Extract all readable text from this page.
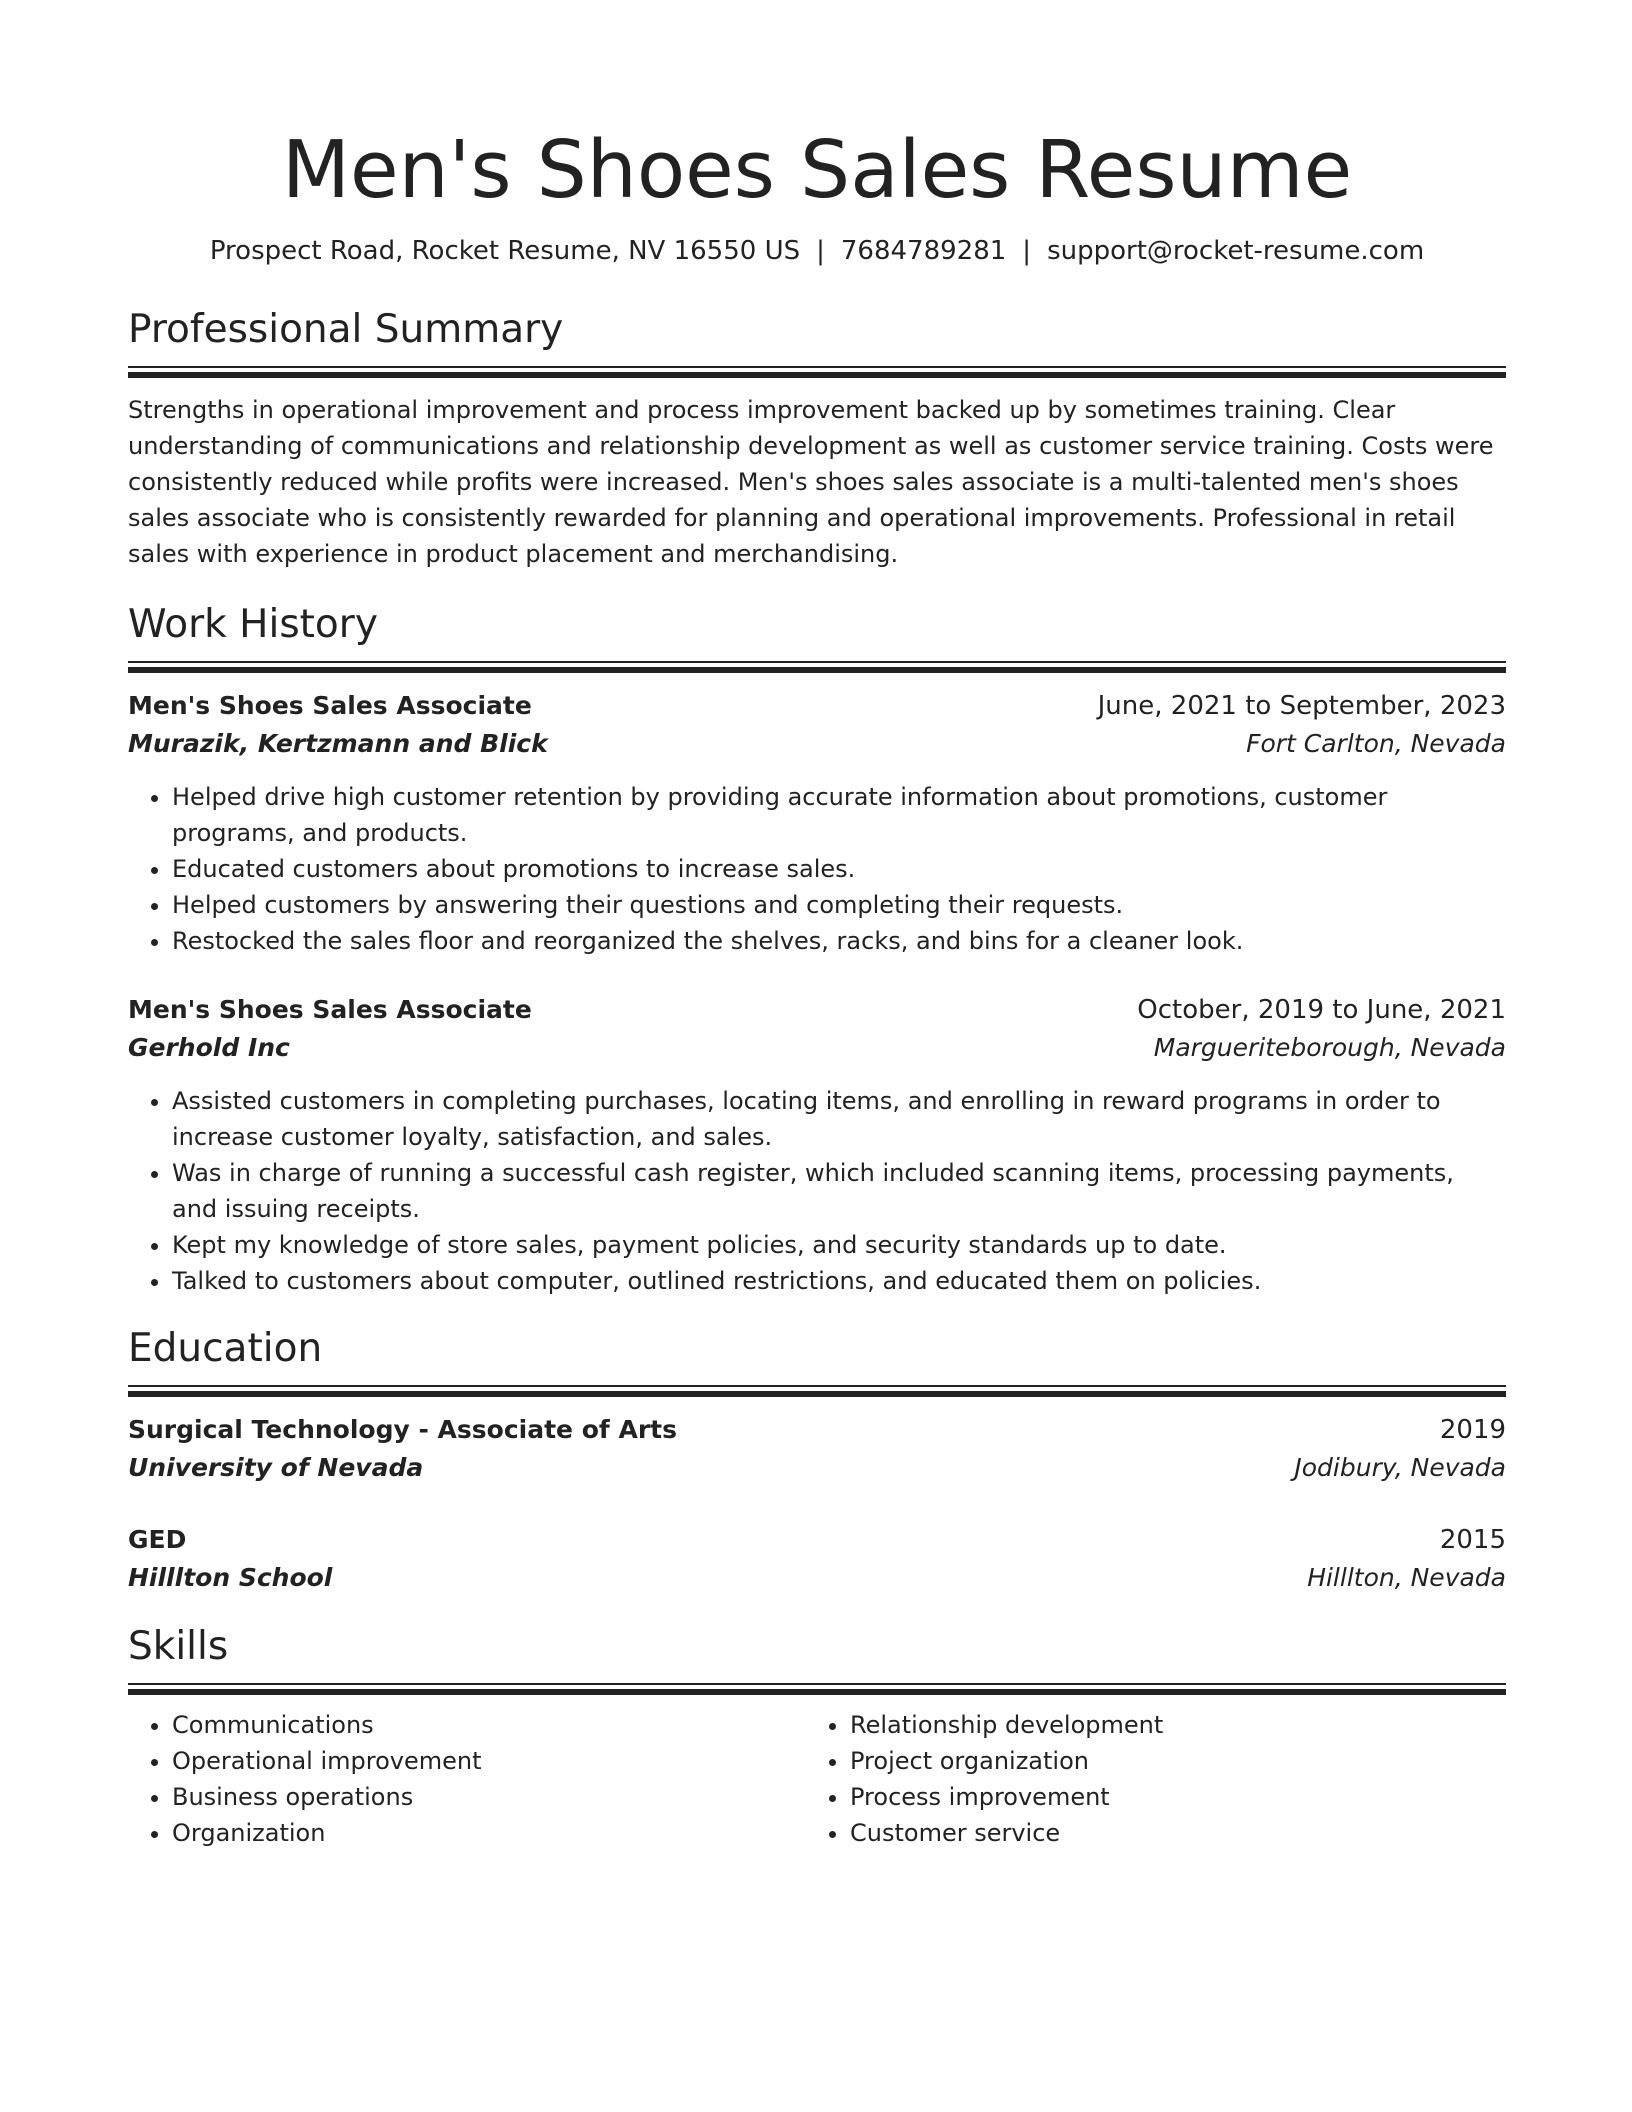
Men's Shoes Sales Resume
Prospect Road, Rocket Resume, NV 16550 US | 7684789281 | support@rocket-resume.com
Professional Summary
Strengths in operational improvement and process improvement backed up by sometimes training. Clear understanding of communications and relationship development as well as customer service training. Costs were consistently reduced while profits were increased. Men's shoes sales associate is a multi-talented men's shoes sales associate who is consistently rewarded for planning and operational improvements. Professional in retail sales with experience in product placement and merchandising.
Work History
Men's Shoes Sales Associate	June, 2021 to September, 2023
Murazik, Kertzmann and Blick	Fort Carlton, Nevada
• Helped drive high customer retention by providing accurate information about promotions, customer programs, and products.
• Educated customers about promotions to increase sales.
• Helped customers by answering their questions and completing their requests.
• Restocked the sales floor and reorganized the shelves, racks, and bins for a cleaner look.
Men's Shoes Sales Associate	October, 2019 to June, 2021
Gerhold Inc	Margueriteborough, Nevada
• Assisted customers in completing purchases, locating items, and enrolling in reward programs in order to increase customer loyalty, satisfaction, and sales.
• Was in charge of running a successful cash register, which included scanning items, processing payments, and issuing receipts.
• Kept my knowledge of store sales, payment policies, and security standards up to date.
• Talked to customers about computer, outlined restrictions, and educated them on policies.
Education
Surgical Technology - Associate of Arts	2019
University of Nevada	Jodibury, Nevada
GED	2015
Hilllton School	Hilllton, Nevada
Skills
• Communications
• Operational improvement
• Business operations
• Organization
• Relationship development
• Project organization
• Process improvement
• Customer service
